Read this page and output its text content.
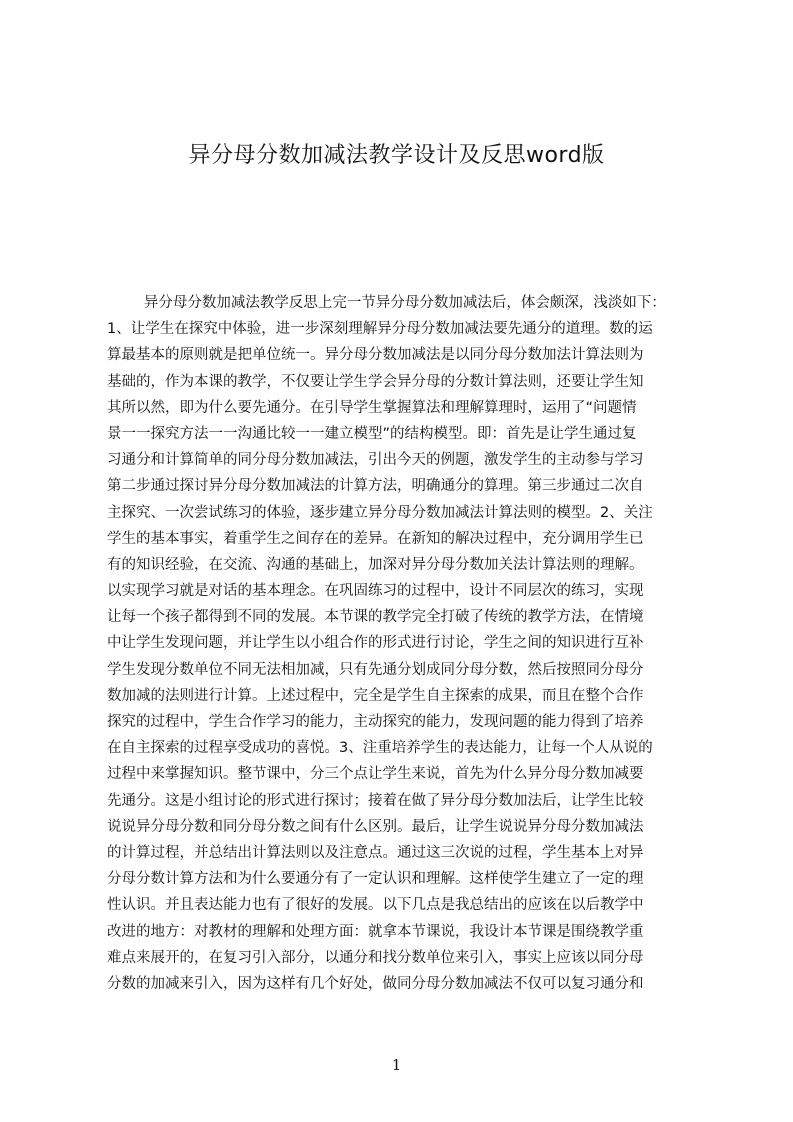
异分母分数加减法教学设计及反思word版
异分母分数加减法教学反思上完一节异分母分数加减法后，体会颇深，浅淡如下：
1、让学生在探究中体验，进一步深刻理解异分母分数加减法要先通分的道理。数的运
算最基本的原则就是把单位统一。异分母分数加减法是以同分母分数加法计算法则为
基础的，作为本课的教学，不仅要让学生学会异分母的分数计算法则，还要让学生知
其所以然，即为什么要先通分。在引导学生掌握算法和理解算理时，运用了“问题情
景一一探究方法一一沟通比较一一建立模型”的结构模型。即：首先是让学生通过复
习通分和计算简单的同分母分数加减法，引出今天的例题，激发学生的主动参与学习
第二步通过探讨异分母分数加减法的计算方法，明确通分的算理。第三步通过二次自
主探究、一次尝试练习的体验，逐步建立异分母分数加减法计算法则的模型。2、关注
学生的基本事实，着重学生之间存在的差异。在新知的解决过程中，充分调用学生已
有的知识经验，在交流、沟通的基础上，加深对异分母分数加关法计算法则的理解。
以实现学习就是对话的基本理念。在巩固练习的过程中，设计不同层次的练习，实现
让每一个孩子都得到不同的发展。本节课的教学完全打破了传统的教学方法，在情境
中让学生发现问题，并让学生以小组合作的形式进行讨论，学生之间的知识进行互补
学生发现分数单位不同无法相加减，只有先通分划成同分母分数，然后按照同分母分
数加减的法则进行计算。上述过程中，完全是学生自主探索的成果，而且在整个合作
探究的过程中，学生合作学习的能力，主动探究的能力，发现问题的能力得到了培养
在自主探索的过程享受成功的喜悦。3、注重培养学生的表达能力，让每一个人从说的
过程中来掌握知识。整节课中，分三个点让学生来说，首先为什么异分母分数加减要
先通分。这是小组讨论的形式进行探讨；接着在做了异分母分数加法后，让学生比较
说说异分母分数和同分母分数之间有什么区别。最后，让学生说说异分母分数加减法
的计算过程，并总结出计算法则以及注意点。通过这三次说的过程，学生基本上对异
分母分数计算方法和为什么要通分有了一定认识和理解。这样使学生建立了一定的理
性认识。并且表达能力也有了很好的发展。以下几点是我总结出的应该在以后教学中
改进的地方：对教材的理解和处理方面：就拿本节课说，我设计本节课是围绕教学重
难点来展开的，在复习引入部分，以通分和找分数单位来引入，事实上应该以同分母
分数的加减来引入，因为这样有几个好处，做同分母分数加减法不仅可以复习通分和
1
